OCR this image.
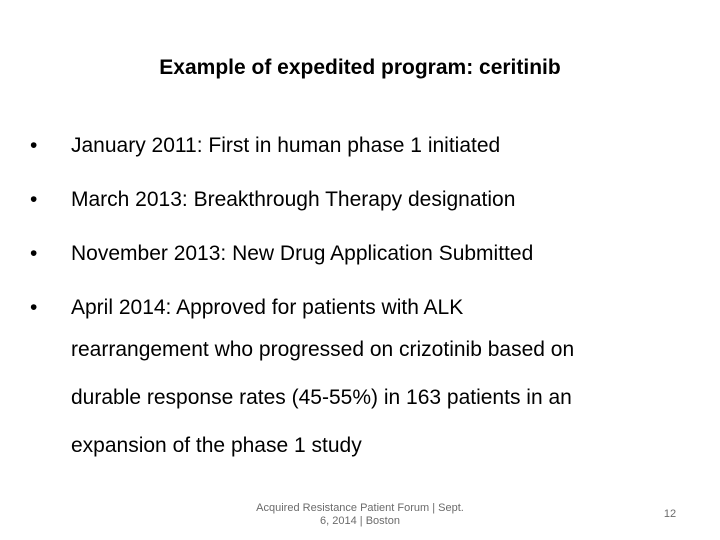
Example of expedited program: ceritinib
•	January 2011: First in human phase 1 initiated
•	March 2013: Breakthrough Therapy designation
•	November 2013: New Drug Application Submitted
•	April 2014: Approved for patients with ALK
rearrangement who progressed on crizotinib based on
durable response rates (45-55%) in 163 patients in an
expansion of the phase 1 study
Acquired Resistance Patient Forum | Sept.
6, 2014 | Boston
12
